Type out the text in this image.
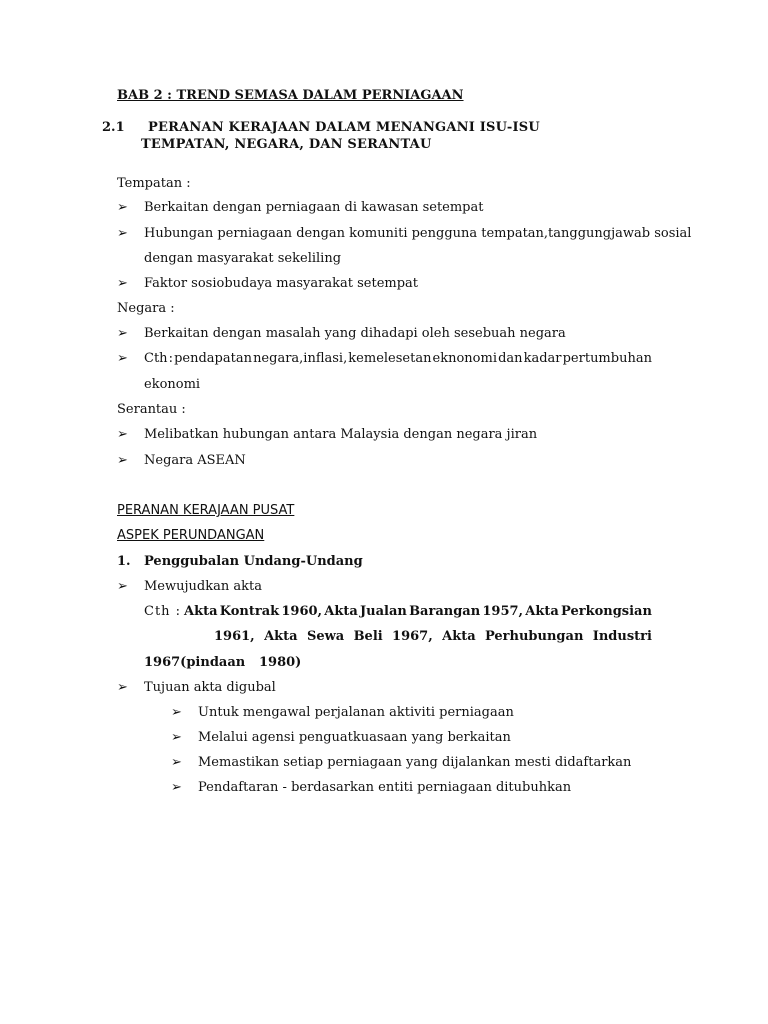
BAB 2 : TREND SEMASA DALAM PERNIAGAAN
2.1 PERANAN KERAJAAN DALAM MENANGANI ISU-ISU
TEMPATAN, NEGARA, DAN SERANTAU
Tempatan :
➢ Berkaitan dengan perniagaan di kawasan setempat
➢ Hubungan perniagaan dengan komuniti pengguna tempatan,tanggungjawab sosial
dengan masyarakat sekeliling
➢ Faktor sosiobudaya masyarakat setempat
Negara :
➢ Berkaitan dengan masalah yang dihadapi oleh sesebuah negara
➢ Cth : pendapatan negara,inflasi, kemelesetan eknonomi dan kadar pertumbuhan
ekonomi
Serantau :
➢ Melibatkan hubungan antara Malaysia dengan negara jiran
➢ Negara ASEAN
PERANAN KERAJAAN PUSAT
ASPEK PERUNDANGAN
1. Penggubalan Undang-Undang
➢ Mewujudkan akta
Cth : Akta Kontrak 1960, Akta Jualan Barangan 1957, Akta Perkongsian
1961, Akta Sewa Beli 1967, Akta Perhubungan Industri
1967(pindaan 1980)
➢ Tujuan akta digubal
➢ Untuk mengawal perjalanan aktiviti perniagaan
➢ Melalui agensi penguatkuasaan yang berkaitan
➢ Memastikan setiap perniagaan yang dijalankan mesti didaftarkan
➢ Pendaftaran - berdasarkan entiti perniagaan ditubuhkan
